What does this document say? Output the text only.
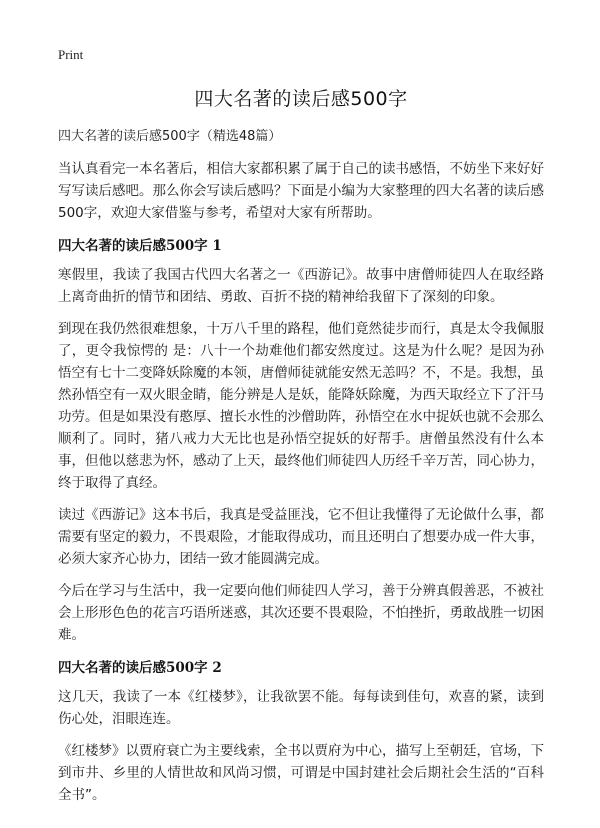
Print
四大名著的读后感500字
四大名著的读后感500字（精选48篇）

当认真看完一本名著后，相信大家都积累了属于自己的读书感悟，不妨坐下来好好写写读后感吧。那么你会写读后感吗？下面是小编为大家整理的四大名著的读后感500字，欢迎大家借鉴与参考，希望对大家有所帮助。

四大名著的读后感500字 1

寒假里，我读了我国古代四大名著之一《西游记》。故事中唐僧师徒四人在取经路上离奇曲折的情节和团结、勇敢、百折不挠的精神给我留下了深刻的印象。

到现在我仍然很难想象，十万八千里的路程，他们竟然徒步而行，真是太令我佩服了，更令我惊愕的 是：八十一个劫难他们都安然度过。这是为什么呢？是因为孙悟空有七十二变降妖除魔的本领，唐僧师徒就能安然无恙吗？不，不是。我想，虽然孙悟空有一双火眼金睛，能分辨是人是妖，能降妖除魔，为西天取经立下了汗马功劳。但是如果没有憨厚、擅长水性的沙僧助阵，孙悟空在水中捉妖也就不会那么顺利了。同时，猪八戒力大无比也是孙悟空捉妖的好帮手。唐僧虽然没有什么本事，但他以慈悲为怀，感动了上天，最终他们师徒四人历经千辛万苦，同心协力，终于取得了真经。

读过《西游记》这本书后，我真是受益匪浅，它不但让我懂得了无论做什么事，都需要有坚定的毅力，不畏艰险，才能取得成功，而且还明白了想要办成一件大事，必须大家齐心协力，团结一致才能圆满完成。

今后在学习与生活中，我一定要向他们师徒四人学习，善于分辨真假善恶，不被社会上形形色色的花言巧语所迷惑，其次还要不畏艰险，不怕挫折，勇敢战胜一切困难。

四大名著的读后感500字 2

这几天，我读了一本《红楼梦》，让我欲罢不能。每每读到佳句，欢喜的紧，读到伤心处，泪眼连连。

《红楼梦》以贾府衰亡为主要线索，全书以贾府为中心，描写上至朝廷，官场，下到市井、乡里的人情世故和风尚习惯，可谓是中国封建社会后期社会生活的“百科全书”。
